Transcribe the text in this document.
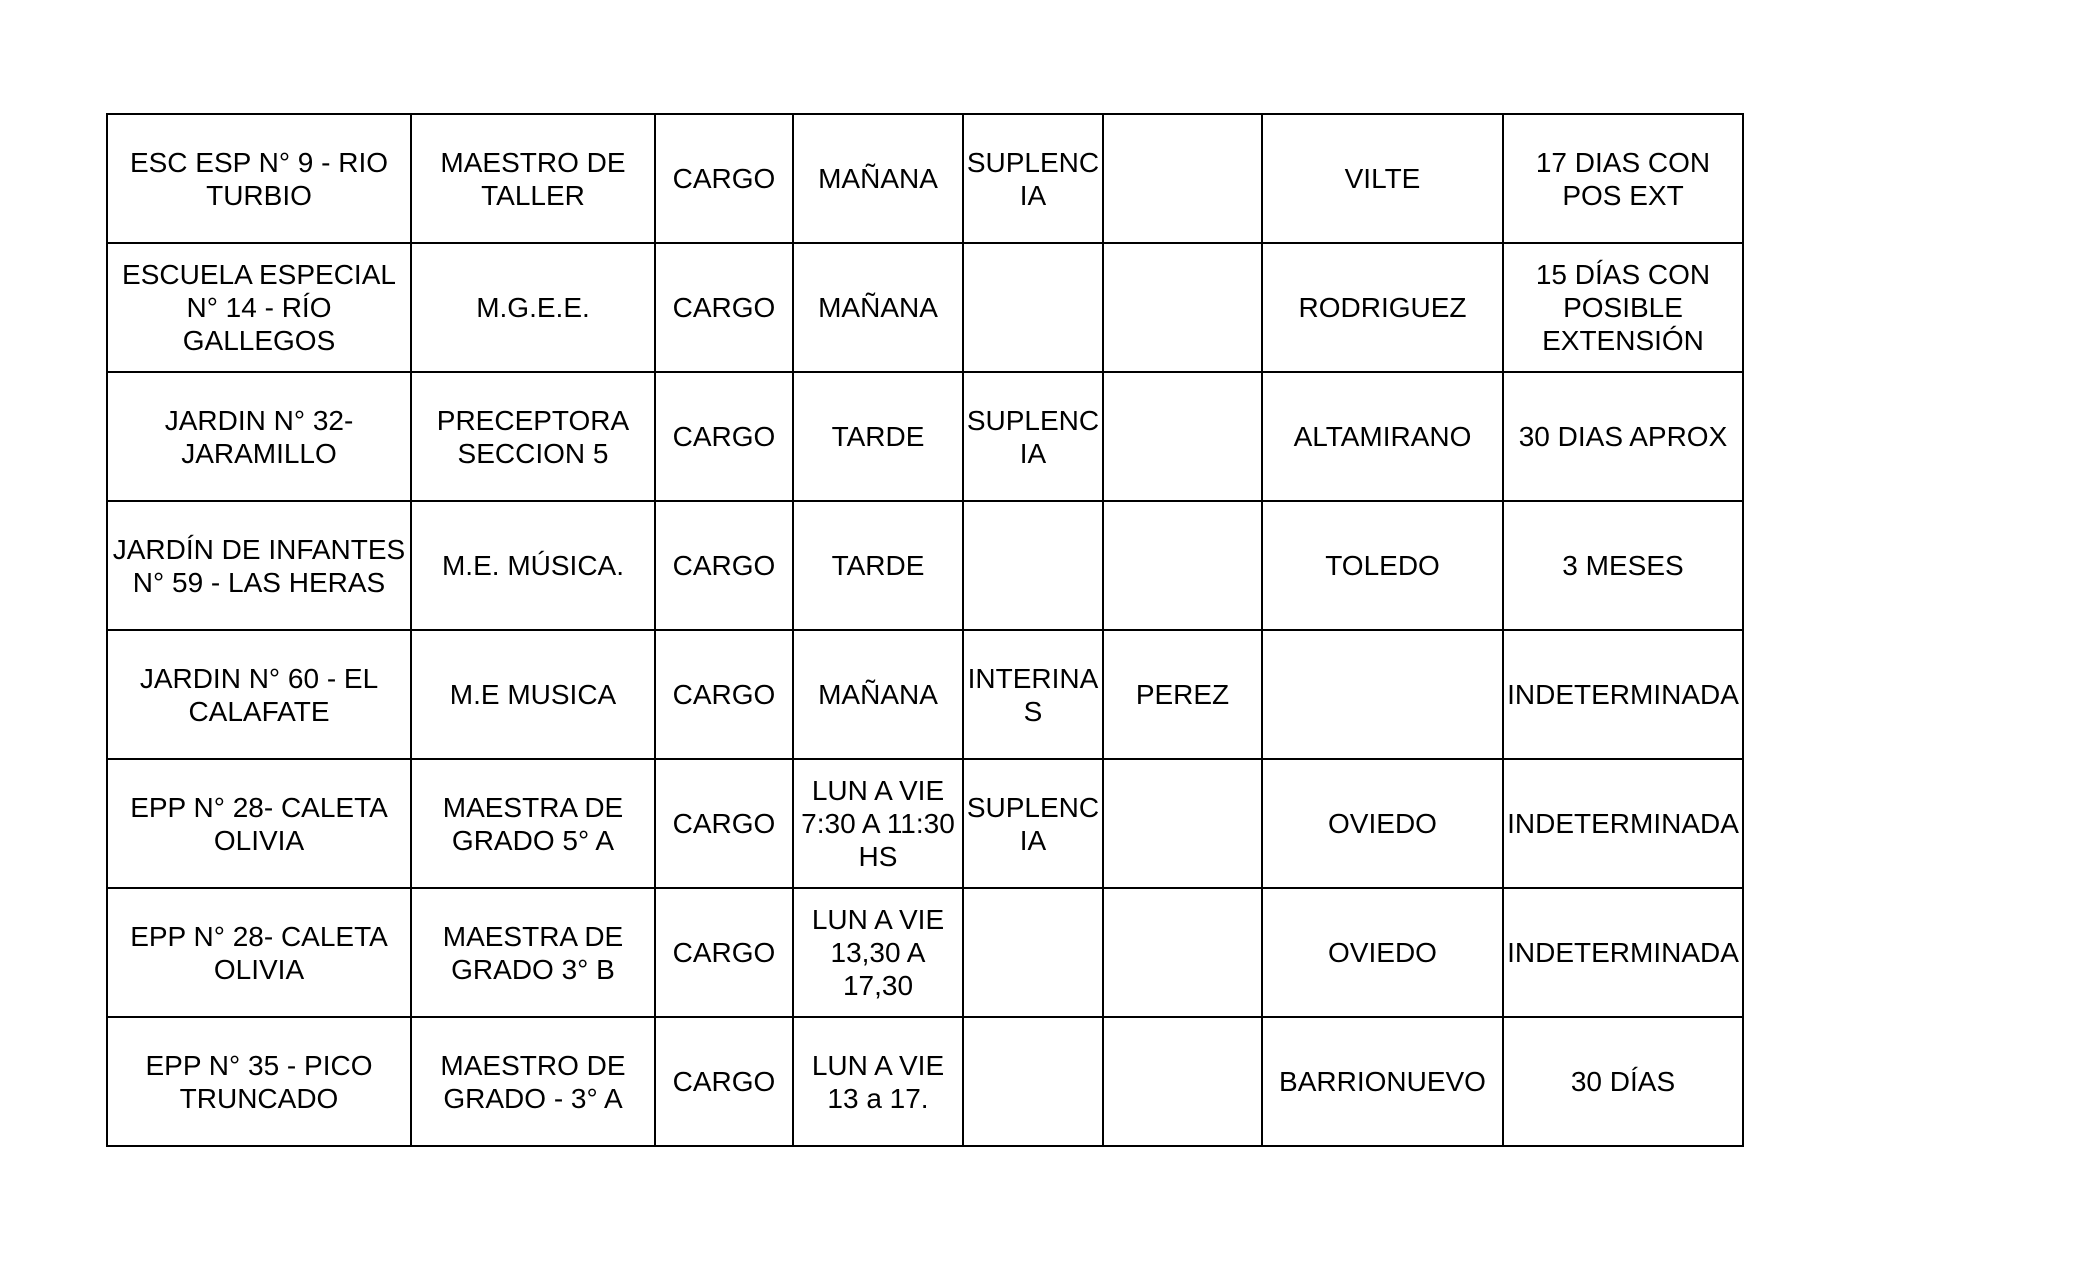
ESC ESP N° 9 - RIO
TURBIO	MAESTRO DE
TALLER	CARGO	MAÑANA	SUPLENC
IA		VILTE	17 DIAS CON
POS EXT

ESCUELA ESPECIAL
N° 14 - RÍO
GALLEGOS	M.G.E.E.	CARGO	MAÑANA			RODRIGUEZ	15 DÍAS CON
POSIBLE
EXTENSIÓN

JARDIN N° 32-
JARAMILLO	PRECEPTORA
SECCION 5	CARGO	TARDE	SUPLENC
IA		ALTAMIRANO	30 DIAS APROX

JARDÍN DE INFANTES
N° 59 - LAS HERAS	M.E. MÚSICA.	CARGO	TARDE			TOLEDO	3 MESES

JARDIN N° 60 - EL
CALAFATE	M.E MUSICA	CARGO	MAÑANA	INTERINA
S	PEREZ		INDETERMINADA

EPP N° 28- CALETA
OLIVIA	MAESTRA DE
GRADO 5° A	CARGO	LUN A VIE
7:30 A 11:30
HS	SUPLENC
IA		OVIEDO	INDETERMINADA

EPP N° 28- CALETA
OLIVIA	MAESTRA DE
GRADO 3° B	CARGO	LUN A VIE
13,30 A
17,30			OVIEDO	INDETERMINADA

EPP N° 35 - PICO
TRUNCADO	MAESTRO DE
GRADO - 3° A	CARGO	LUN A VIE
13 a 17.			BARRIONUEVO	30 DÍAS
